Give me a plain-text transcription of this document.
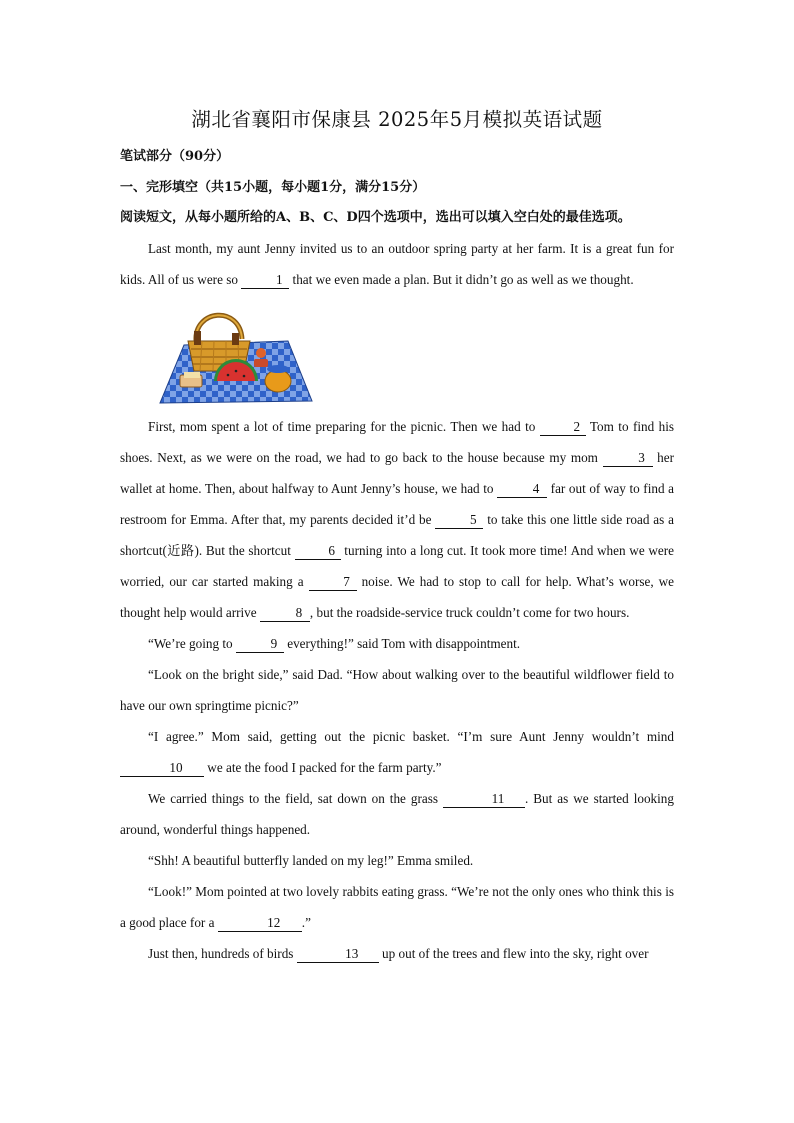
湖北省襄阳市保康县 2025年5月模拟英语试题
笔试部分（90分）
一、完形填空（共15小题，每小题1分，满分15分）
阅读短文，从每小题所给的A、B、C、D四个选项中，选出可以填入空白处的最佳选项。

Last month, my aunt Jenny invited us to an outdoor spring party at her farm. It is a great fun for kids. All of us were so	1 that we even made a plan. But it didn’t go as well as we thought.

First, mom spent a lot of time preparing for the picnic. Then we had to	2 Tom to find his shoes. Next, as we were on the road, we had to go back to the house because my mom	3 her wallet at home. Then, about halfway to Aunt Jenny’s house, we had to	4 far out of way to find a restroom for Emma. After that, my parents decided it’d be	5 to take this one little side road as a shortcut(近路). But the shortcut	6 turning into a long cut. It took more time! And when we were worried, our car started making a	7 noise. We had to stop to call for help. What’s worse, we thought help would arrive	8 , but the roadside-service truck couldn’t come for two hours.

“We’re going to	9 everything!” said Tom with disappointment.

“Look on the bright side,” said Dad. “How about walking over to the beautiful wildflower field to have our own springtime picnic?”

“I agree.” Mom said, getting out the picnic basket. “I’m sure Aunt Jenny wouldn’t mind 10 we ate the food I packed for the farm party.”

We carried things to the field, sat down on the grass	11 . But as we started looking around, wonderful things happened.

“Shh! A beautiful butterfly landed on my leg!” Emma smiled.

“Look!” Mom pointed at two lovely rabbits eating grass. “We’re not the only ones who think this is a good place for a	12 .”

Just then, hundreds of birds	13 up out of the trees and flew into the sky, right over
